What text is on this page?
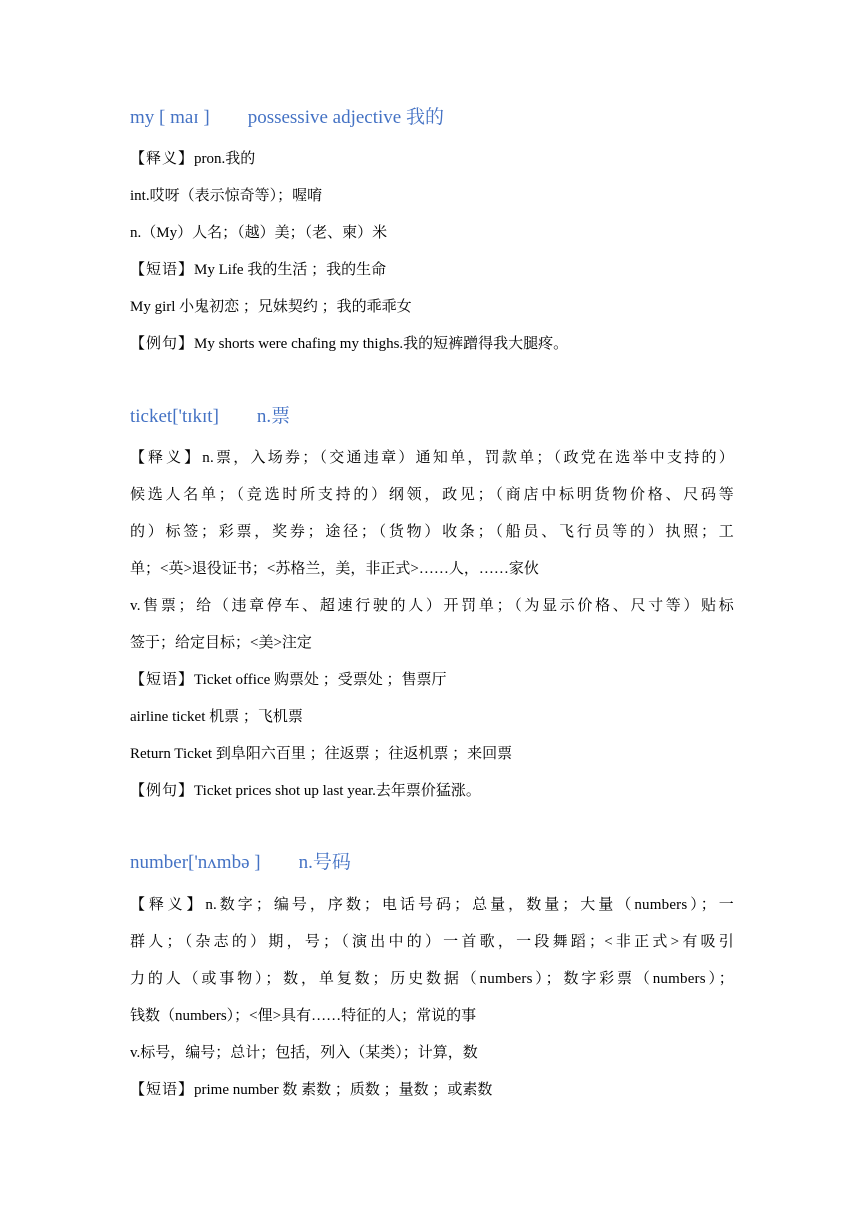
my [ maɪ ] possessive adjective 我的
【释义】pron.我的
int.哎呀（表示惊奇等）；喔唷
n.（My）人名；（越）美；（老、柬）米
【短语】My Life 我的生活 ；我的生命
My girl 小鬼初恋 ；兄妹契约 ；我的乖乖女
【例句】My shorts were chafing my thighs.我的短裤蹭得我大腿疼。
ticket['tɪkɪt] n.票
【释义】n.票，入场券；（交通违章）通知单，罚款单；（政党在选举中支持的）
候选人名单；（竞选时所支持的）纲领，政见；（商店中标明货物价格、尺码等
的）标签；彩票，奖券；途径；（货物）收条；（船员、飞行员等的）执照；工
单；<英>退役证书；<苏格兰，美，非正式>……人，……家伙
v.售票；给（违章停车、超速行驶的人）开罚单；（为显示价格、尺寸等）贴标
签于；给定目标；<美>注定
【短语】Ticket office 购票处 ；受票处 ；售票厅
airline ticket 机票 ；飞机票
Return Ticket 到阜阳六百里 ；往返票 ；往返机票 ；来回票
【例句】Ticket prices shot up last year.去年票价猛涨。
number['nʌmbə ] n.号码
【释义】n.数字；编号，序数；电话号码；总量，数量；大量（numbers）；一
群人；（杂志的）期，号；（演出中的）一首歌，一段舞蹈；<非正式>有吸引
力的人（或事物）；数，单复数；历史数据（numbers）；数字彩票（numbers）；
钱数（numbers）；<俚>具有……特征的人；常说的事
v.标号，编号；总计；包括，列入（某类）；计算，数
【短语】prime number 数 素数 ；质数 ；量数 ；或素数
